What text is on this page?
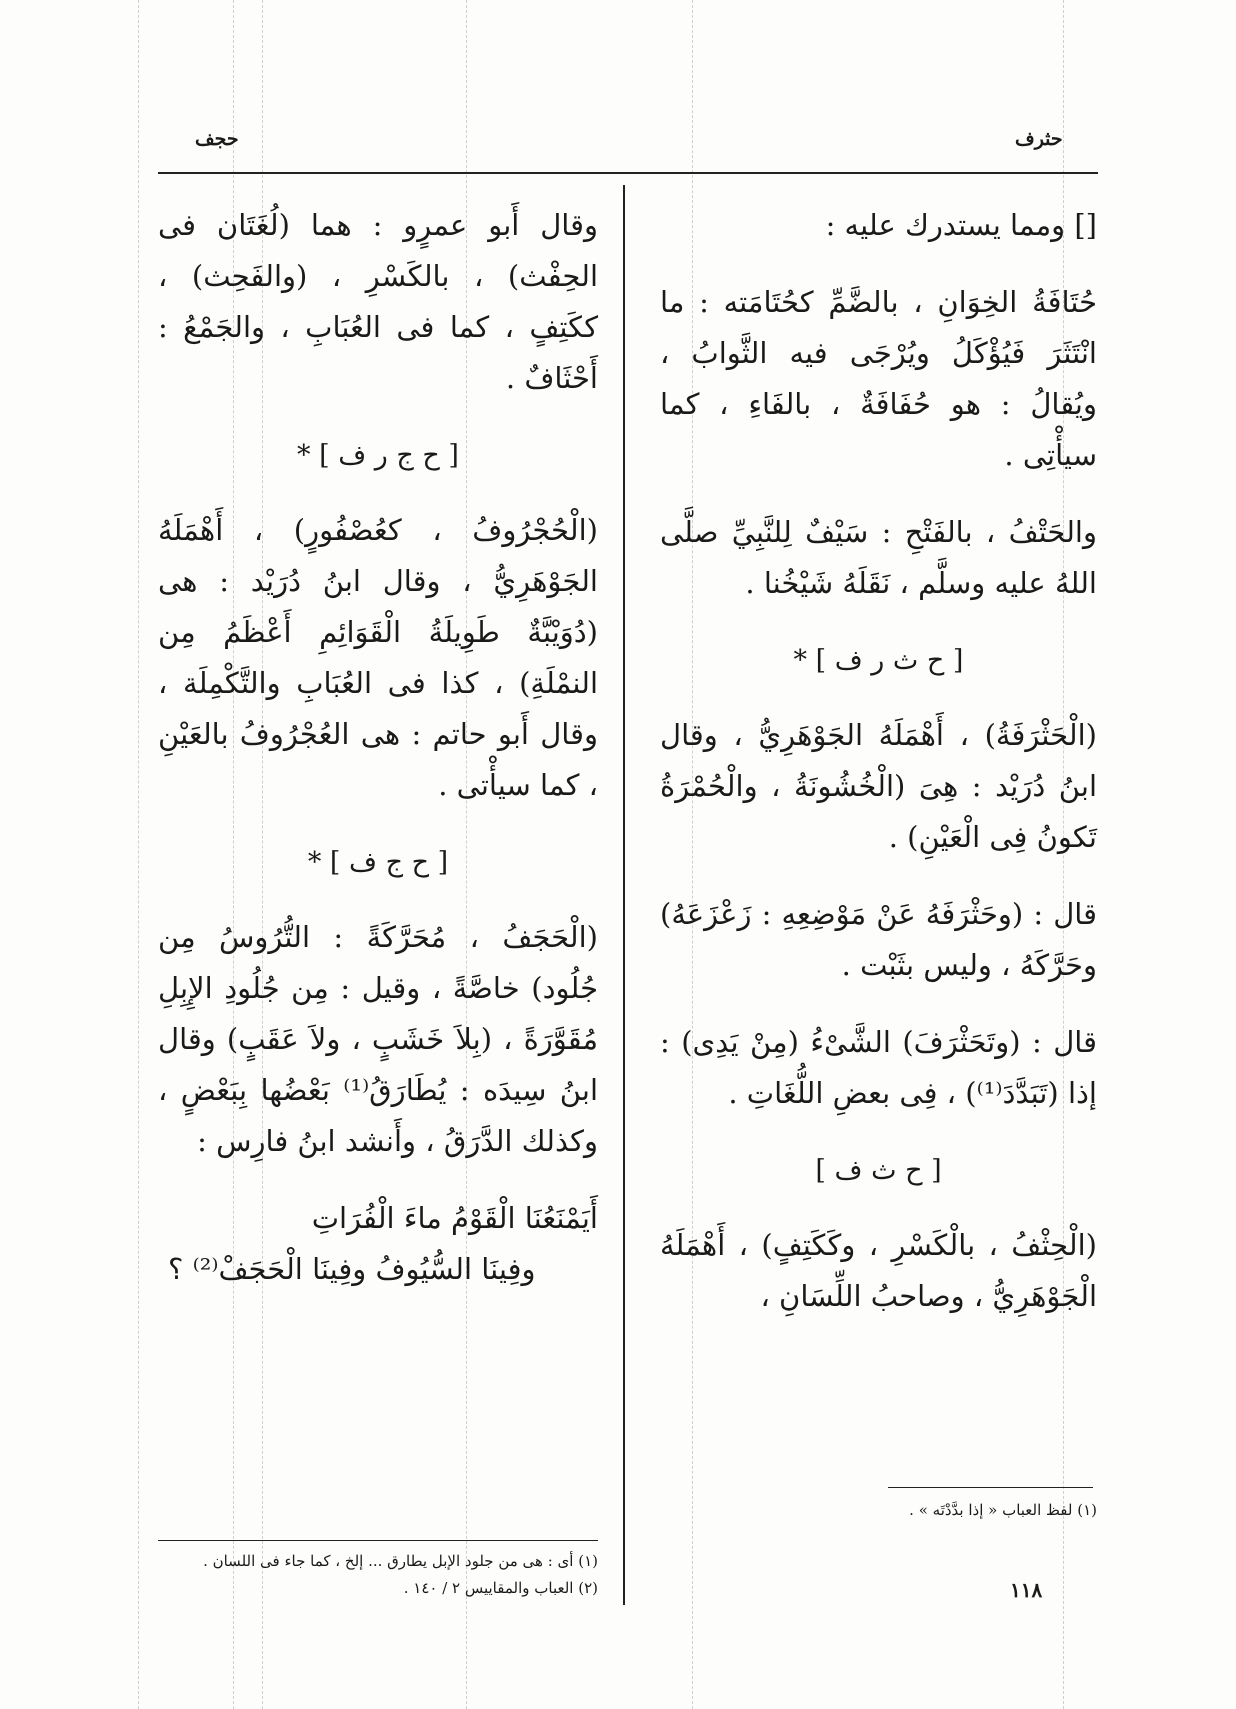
حجف	حثرف

[] ومما يستدرك عليه :

حُتَافَةُ الخِوَانِ ، بالضَّمِّ كحُتَامَته : ما انْتَثَرَ فَيُؤْكَلُ ويُرْجَى فيه الثَّوابُ ، ويُقالُ : هو حُفَافَةٌ ، بالفَاءِ ، كما سيأْتِى .

والحَتْفُ ، بالفَتْحِ : سَيْفٌ لِلنَّبِيِّ صلَّى اللهُ عليه وسلَّم ، نَقَلَهُ شَيْخُنا .

[ ح ث ر ف ] *

(الْحَثْرَفَةُ) ، أَهْمَلَهُ الجَوْهَرِيُّ ، وقال ابنُ دُرَيْد : هِىَ (الْخُشُونَةُ ، والْحُمْرَةُ تَكونُ فِى الْعَيْنِ) .

قال : (وحَثْرَفَهُ عَنْ مَوْضِعِهِ : زَعْزَعَهُ) وحَرَّكَهُ ، وليس بثَبْت .

قال : (وتَحَثْرَفَ) الشَّىْءُ (مِنْ يَدِى) : إذا (تَبَدَّدَ⁽¹⁾) ، فِى بعضِ اللُّغَاتِ .

[ ح ث ف ]

(الْحِثْفُ ، بالْكَسْرِ ، وكَكَتِفٍ) ، أَهْمَلَهُ الْجَوْهَرِيُّ ، وصاحبُ اللِّسَانِ ،

وقال أَبو عمرٍو : هما (لُغَتَان فى الحِفْث) ، بالكَسْرِ ، (والفَحِث) ، ككَتِفٍ ، كما فى العُبَابِ ، والجَمْعُ : أَحْثَافٌ .

[ ح ج ر ف ] *

(الْحُجْرُوفُ ، كعُصْفُورٍ) ، أَهْمَلَهُ الجَوْهَرِيُّ ، وقال ابنُ دُرَيْد : هى (دُوَيْبَّةٌ طَوِيلَةُ الْقَوَائِمِ أَعْظَمُ مِن النمْلَةِ) ، كذا فى العُبَابِ والتَّكْمِلَة ، وقال أَبو حاتم : هى العُجْرُوفُ بالعَيْنِ ، كما سيأْتى .

[ ح ج ف ] *

(الْحَجَفُ ، مُحَرَّكَةً : التُّرُوسُ مِن جُلُود) خاصَّةً ، وقيل : مِن جُلُودِ الإِبِلِ مُقَوَّرَةً ، (بِلاَ خَشَبٍ ، ولاَ عَقَبٍ) وقال ابنُ سِيدَه : يُطَارَقُ⁽¹⁾ بَعْضُها بِبَعْضٍ ، وكذلك الدَّرَقُ ، وأَنشد ابنُ فارِس :

أَيَمْنَعُنَا الْقَوْمُ ماءَ الْفُرَاتِ
وفِينَا السُّيُوفُ وفِينَا الْحَجَفْ⁽²⁾ ؟
(١) أى : هى من جلود الإبل يطارق ... إلخ ، كما جاء فى اللسان .
(٢) العباب والمقاييس ٢ / ١٤٠ .
(١) لفظ العباب « إذا بدَّدْتَه » .
١١٨
